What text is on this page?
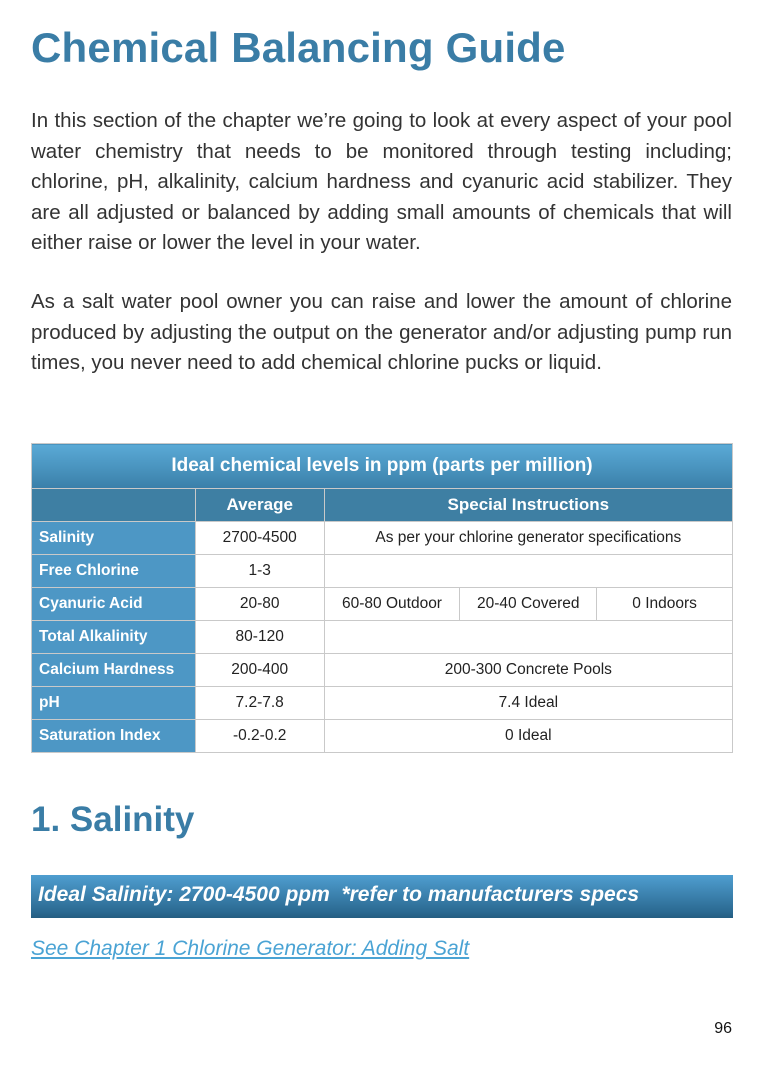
Chemical Balancing Guide

In this section of the chapter we’re going to look at every aspect of your pool water chemistry that needs to be monitored through testing including; chlorine, pH, alkalinity, calcium hardness and cyanuric acid stabilizer. They are all adjusted or balanced by adding small amounts of chemicals that will either raise or lower the level in your water.

As a salt water pool owner you can raise and lower the amount of chlorine produced by adjusting the output on the generator and/or adjusting pump run times, you never need to add chemical chlorine pucks or liquid.

Ideal chemical levels in ppm (parts per million)				
	Average	Special Instructions		
Salinity	2700-4500	As per your chlorine generator specifications		
Free Chlorine	1-3			
Cyanuric Acid	20-80	60-80 Outdoor	20-40 Covered	0 Indoors
Total Alkalinity	80-120			
Calcium Hardness	200-400	200-300 Concrete Pools		
pH	7.2-7.8	7.4 Ideal		
Saturation Index	-0.2-0.2	0 Ideal		
1. Salinity
Ideal Salinity: 2700-4500 ppm  *refer to manufacturers specs
See Chapter 1 Chlorine Generator: Adding Salt
96
